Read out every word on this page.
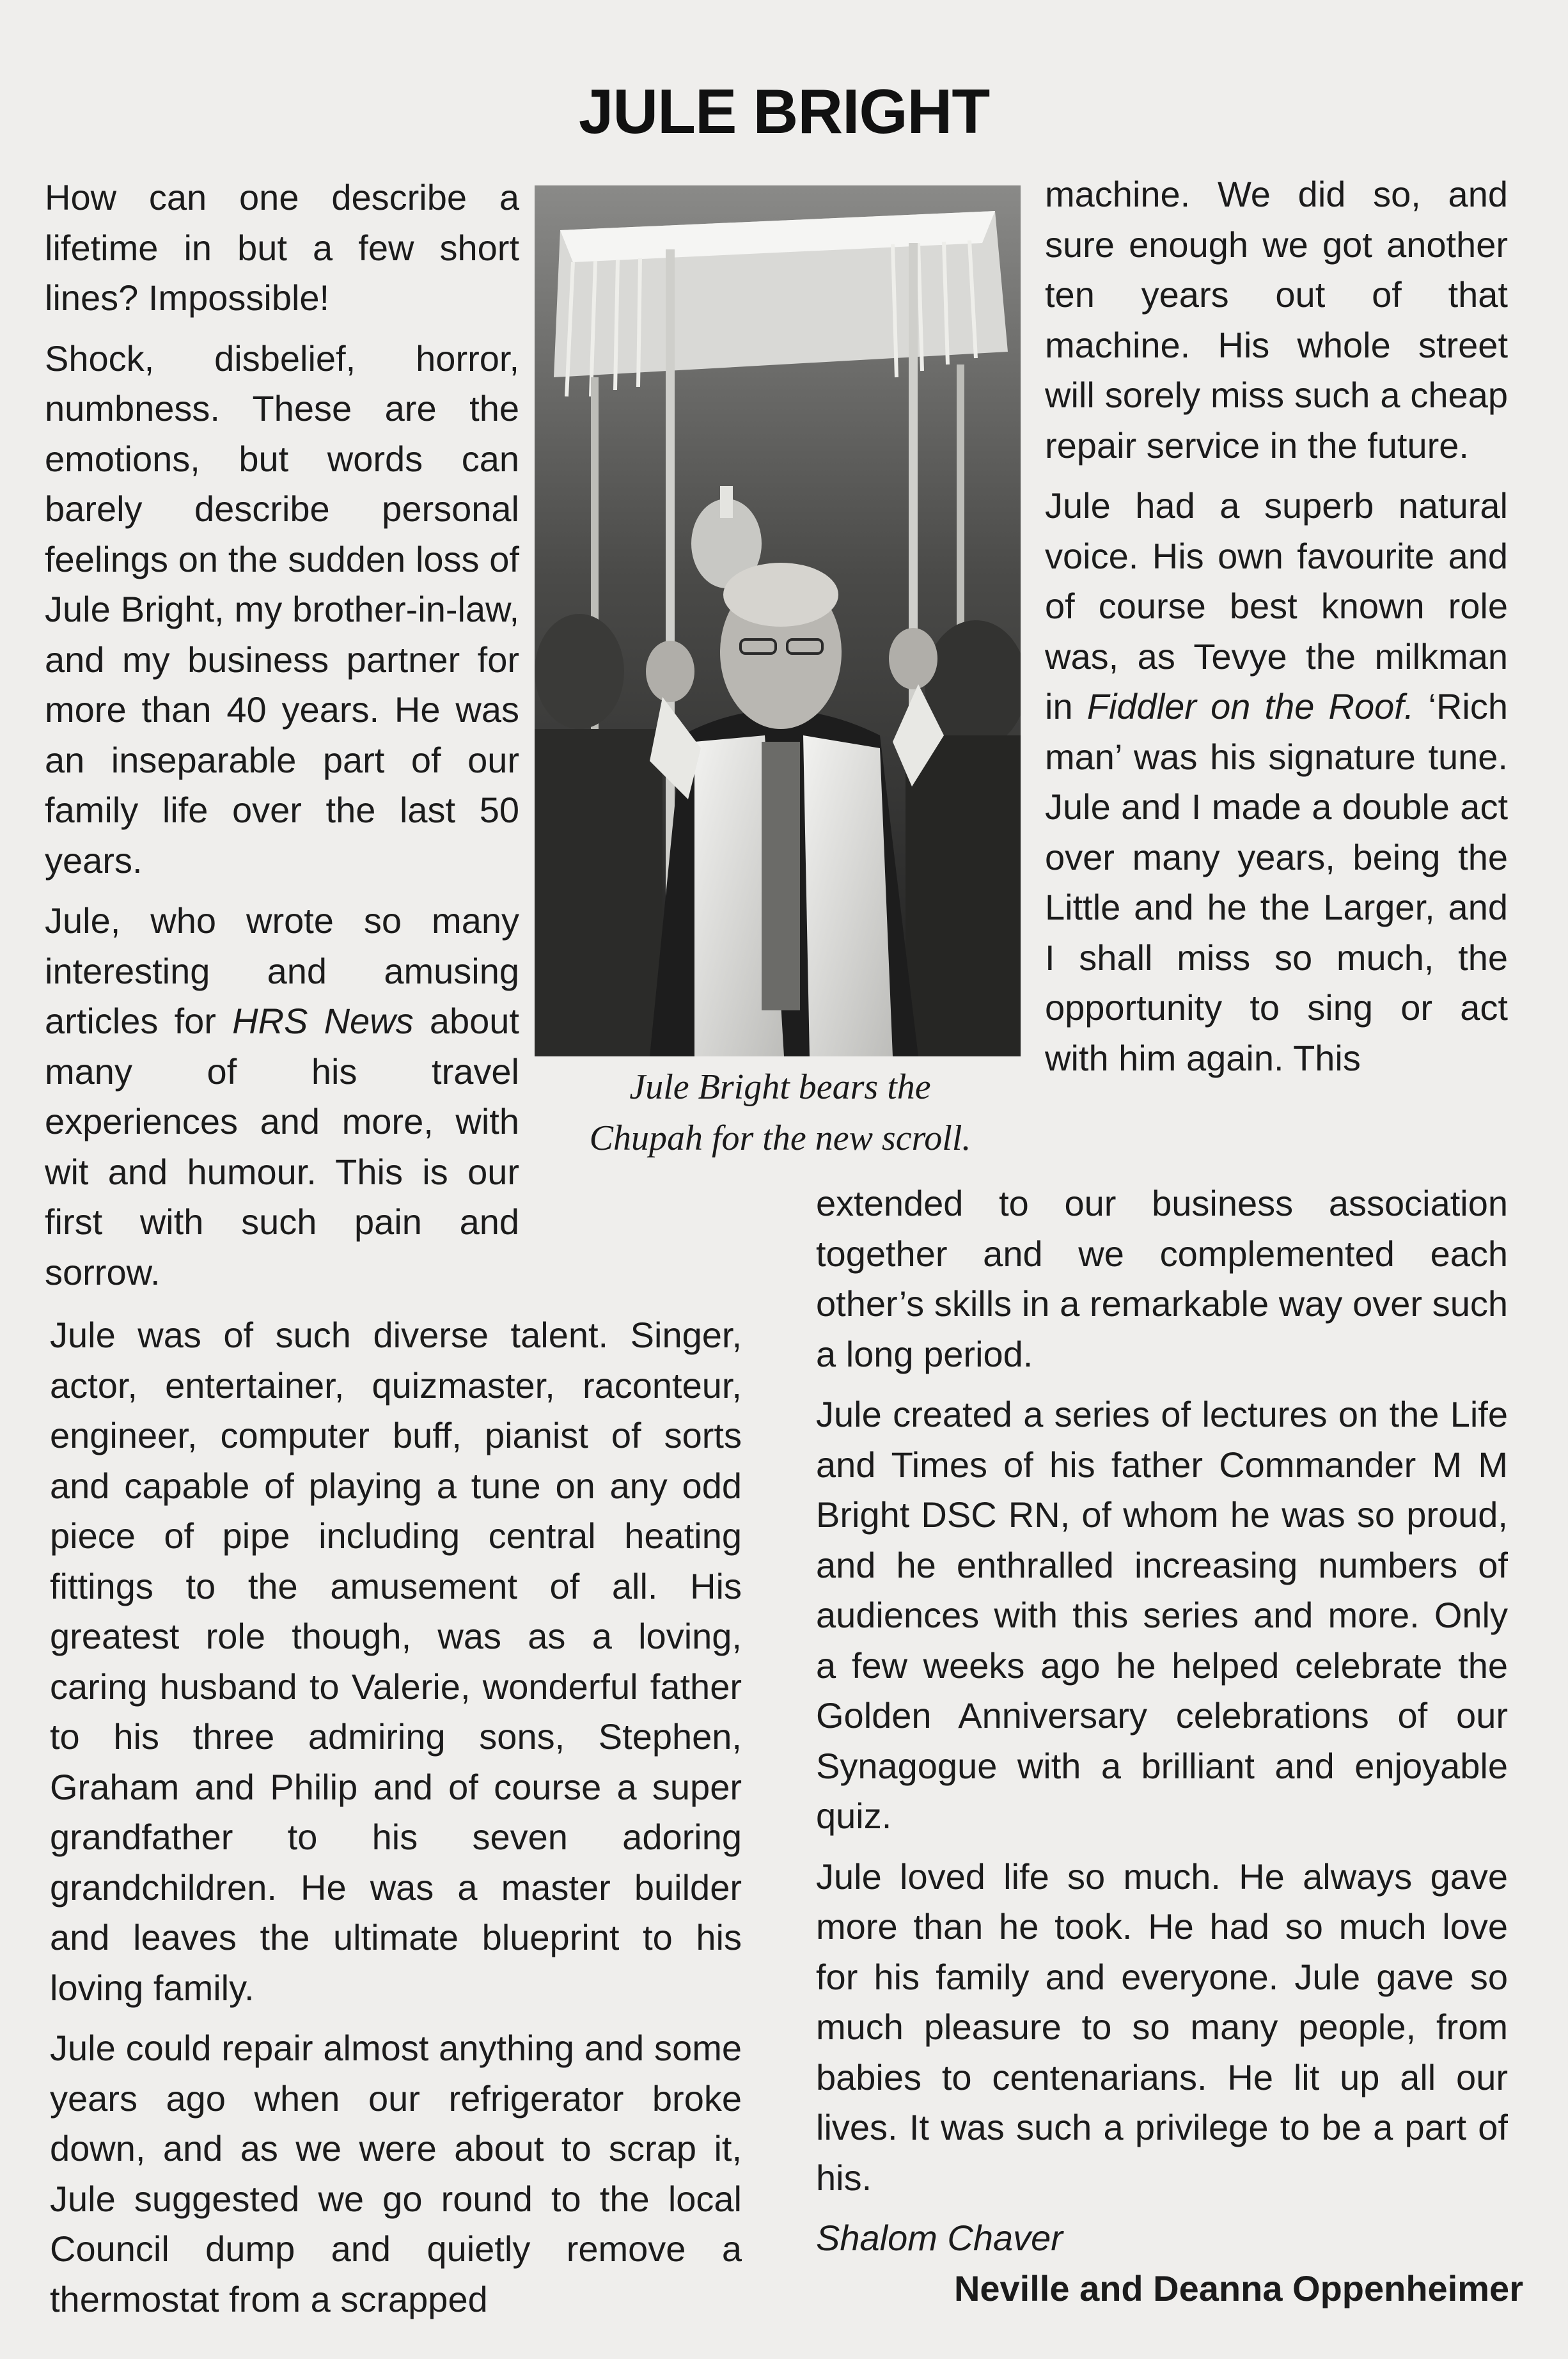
JULE BRIGHT

How can one describe a lifetime in but a few short lines? Impossible!

Shock, disbelief, horror, numbness. These are the emotions, but words can barely describe personal feelings on the sudden loss of Jule Bright, my brother-in-law, and my business partner for more than 40 years. He was an inseparable part of our family life over the last 50 years.

Jule, who wrote so many interesting and amusing articles for HRS News about many of his travel experiences and more, with wit and humour. This is our first with such pain and sorrow.

Jule Bright bears the
Chupah for the new scroll.

machine. We did so, and sure enough we got another ten years out of that machine. His whole street will sorely miss such a cheap repair service in the future.

Jule had a superb natural voice. His own favourite and of course best known role was, as Tevye the milkman in Fiddler on the Roof. ‘Rich man’ was his signature tune. Jule and I made a double act over many years, being the Little and he the Larger, and I shall miss so much, the opportunity to sing or act with him again. This

Jule was of such diverse talent. Singer, actor, entertainer, quizmaster, raconteur, engineer, computer buff, pianist of sorts and capable of playing a tune on any odd piece of pipe including central heating fittings to the amusement of all. His greatest role though, was as a loving, caring husband to Valerie, wonderful father to his three admiring sons, Stephen, Graham and Philip and of course a super grandfather to his seven adoring grandchildren. He was a master builder and leaves the ultimate blueprint to his loving family.

Jule could repair almost anything and some years ago when our refrigerator broke down, and as we were about to scrap it, Jule suggested we go round to the local Council dump and quietly remove a thermostat from a scrapped

extended to our business association together and we complemented each other’s skills in a remarkable way over such a long period.

Jule created a series of lectures on the Life and Times of his father Commander M M Bright DSC RN, of whom he was so proud, and he enthralled increasing numbers of audiences with this series and more. Only a few weeks ago he helped celebrate the Golden Anniversary celebrations of our Synagogue with a brilliant and enjoyable quiz.

Jule loved life so much. He always gave more than he took. He had so much love for his family and everyone. Jule gave so much pleasure to so many people, from babies to centenarians. He lit up all our lives. It was such a privilege to be a part of his.

Shalom Chaver
Neville and Deanna Oppenheimer
